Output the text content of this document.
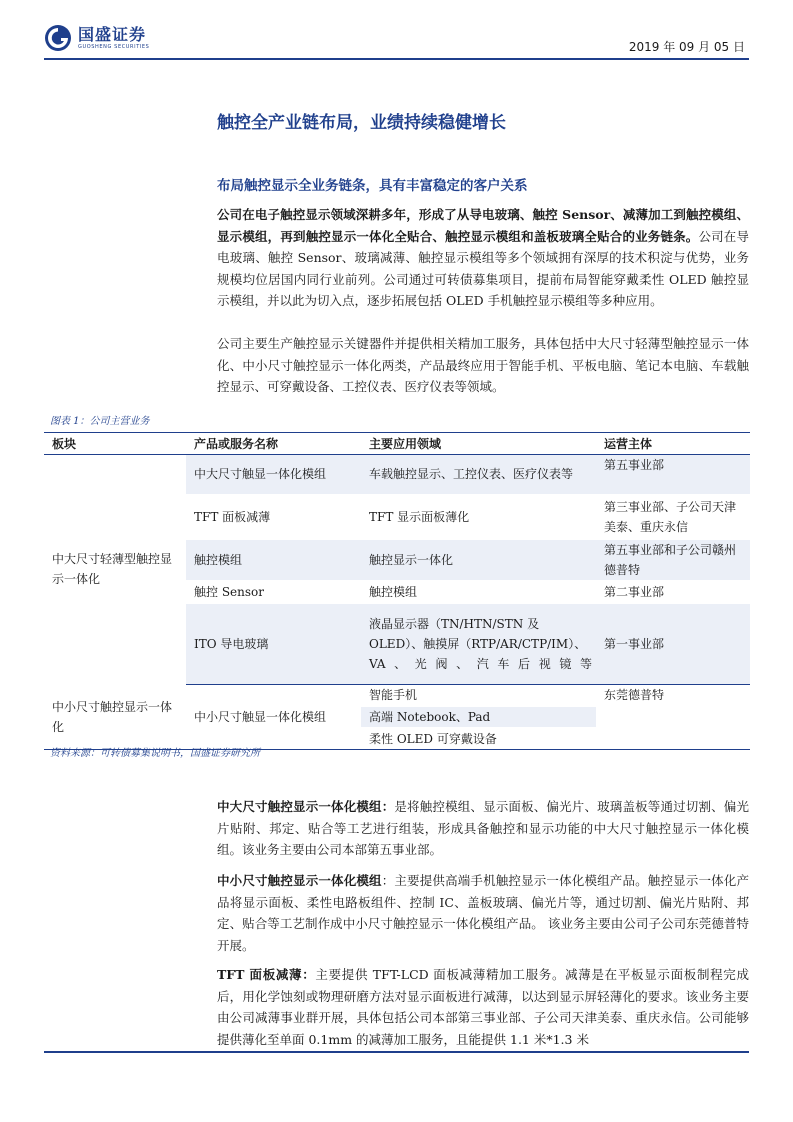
国盛证券
GUOSHENG SECURITIES	2019 年 09 月 05 日
触控全产业链布局，业绩持续稳健增长
布局触控显示全业务链条，具有丰富稳定的客户关系
公司在电子触控显示领域深耕多年，形成了从导电玻璃、触控 Sensor、减薄加工到触控模组、显示模组，再到触控显示一体化全贴合、触控显示模组和盖板玻璃全贴合的业务链条。公司在导电玻璃、触控 Sensor、玻璃减薄、触控显示模组等多个领域拥有深厚的技术积淀与优势，业务规模均位居国内同行业前列。公司通过可转债募集项目，提前布局智能穿戴柔性 OLED 触控显示模组，并以此为切入点，逐步拓展包括 OLED 手机触控显示模组等多种应用。
公司主要生产触控显示关键器件并提供相关精加工服务，具体包括中大尺寸轻薄型触控显示一体化、中小尺寸触控显示一体化两类，产品最终应用于智能手机、平板电脑、笔记本电脑、车载触控显示、可穿戴设备、工控仪表、医疗仪表等领域。
图表 1：公司主营业务
板块	产品或服务名称	主要应用领域	运营主体
中大尺寸轻薄型触控显示一体化	中大尺寸触显一体化模组	车载触控显示、工控仪表、医疗仪表等	第五事业部
	TFT 面板减薄	TFT 显示面板薄化	第三事业部、子公司天津美泰、重庆永信
	触控模组	触控显示一体化	第五事业部和子公司赣州德普特
	触控 Sensor	触控模组	第二事业部
	ITO 导电玻璃	液晶显示器（TN/HTN/STN 及 OLED）、触摸屏（RTP/AR/CTP/IM）、VA、光阀、汽车后视镜等	第一事业部
中小尺寸触控显示一体化	中小尺寸触显一体化模组	智能手机	东莞德普特
		高端 Notebook、Pad	
		柔性 OLED 可穿戴设备	
资料来源：可转债募集说明书，国盛证券研究所
中大尺寸触控显示一体化模组：是将触控模组、显示面板、偏光片、玻璃盖板等通过切割、偏光片贴附、邦定、贴合等工艺进行组装，形成具备触控和显示功能的中大尺寸触控显示一体化模组。该业务主要由公司本部第五事业部。
中小尺寸触控显示一体化模组：主要提供高端手机触控显示一体化模组产品。触控显示一体化产品将显示面板、柔性电路板组件、控制 IC、盖板玻璃、偏光片等，通过切割、偏光片贴附、邦定、贴合等工艺制作成中小尺寸触控显示一体化模组产品。 该业务主要由公司子公司东莞德普特开展。
TFT 面板减薄：主要提供 TFT-LCD 面板减薄精加工服务。减薄是在平板显示面板制程完成后，用化学蚀刻或物理研磨方法对显示面板进行减薄，以达到显示屏轻薄化的要求。该业务主要由公司减薄事业群开展，具体包括公司本部第三事业部、子公司天津美泰、重庆永信。公司能够提供薄化至单面 0.1mm 的减薄加工服务，且能提供 1.1 米*1.3 米
